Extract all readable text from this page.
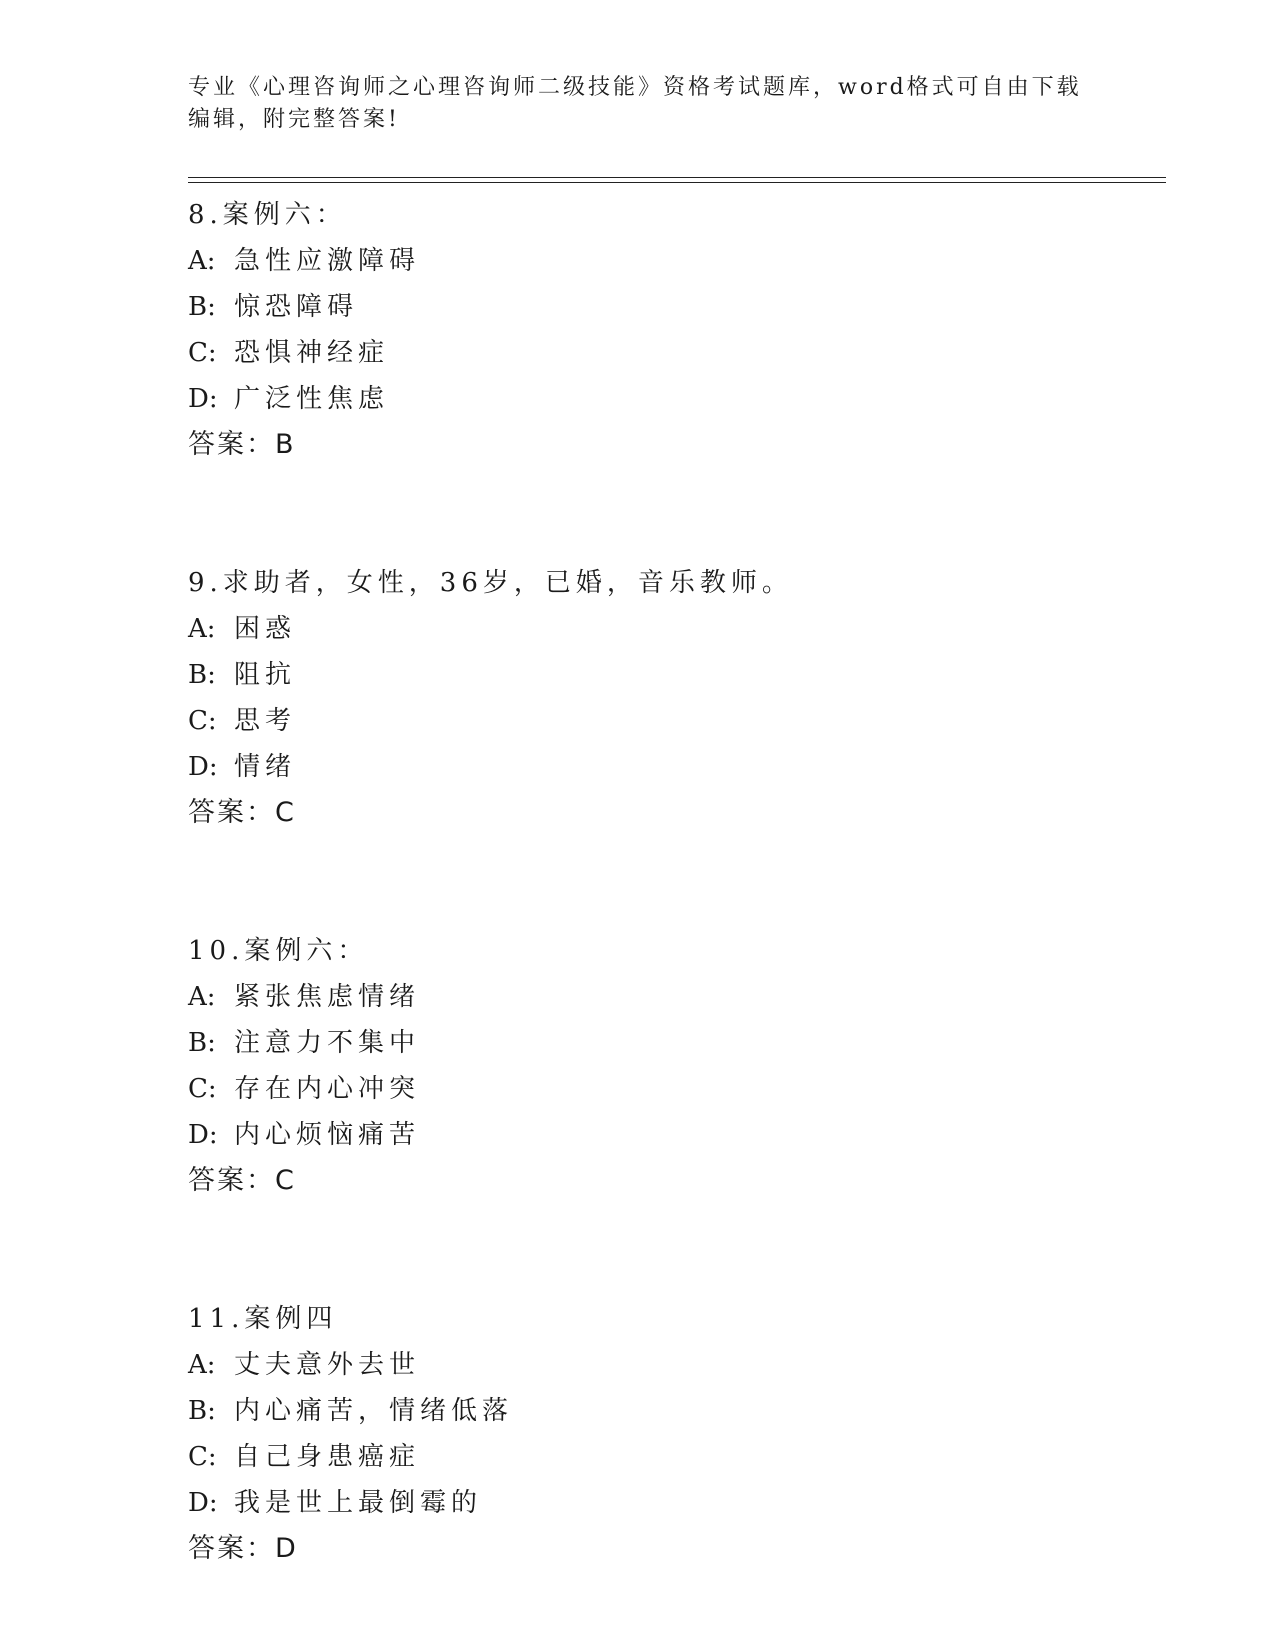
专业《心理咨询师之心理咨询师二级技能》资格考试题库，word格式可自由下载
编辑，附完整答案!
8.案例六：
A: 急性应激障碍
B: 惊恐障碍
C: 恐惧神经症
D: 广泛性焦虑
答案：B
9.求助者，女性，36岁，已婚，音乐教师。
A: 困惑
B: 阻抗
C: 思考
D: 情绪
答案：C
10.案例六：
A: 紧张焦虑情绪
B: 注意力不集中
C: 存在内心冲突
D: 内心烦恼痛苦
答案：C
11.案例四
A: 丈夫意外去世
B: 内心痛苦，情绪低落
C: 自己身患癌症
D: 我是世上最倒霉的
答案：D
